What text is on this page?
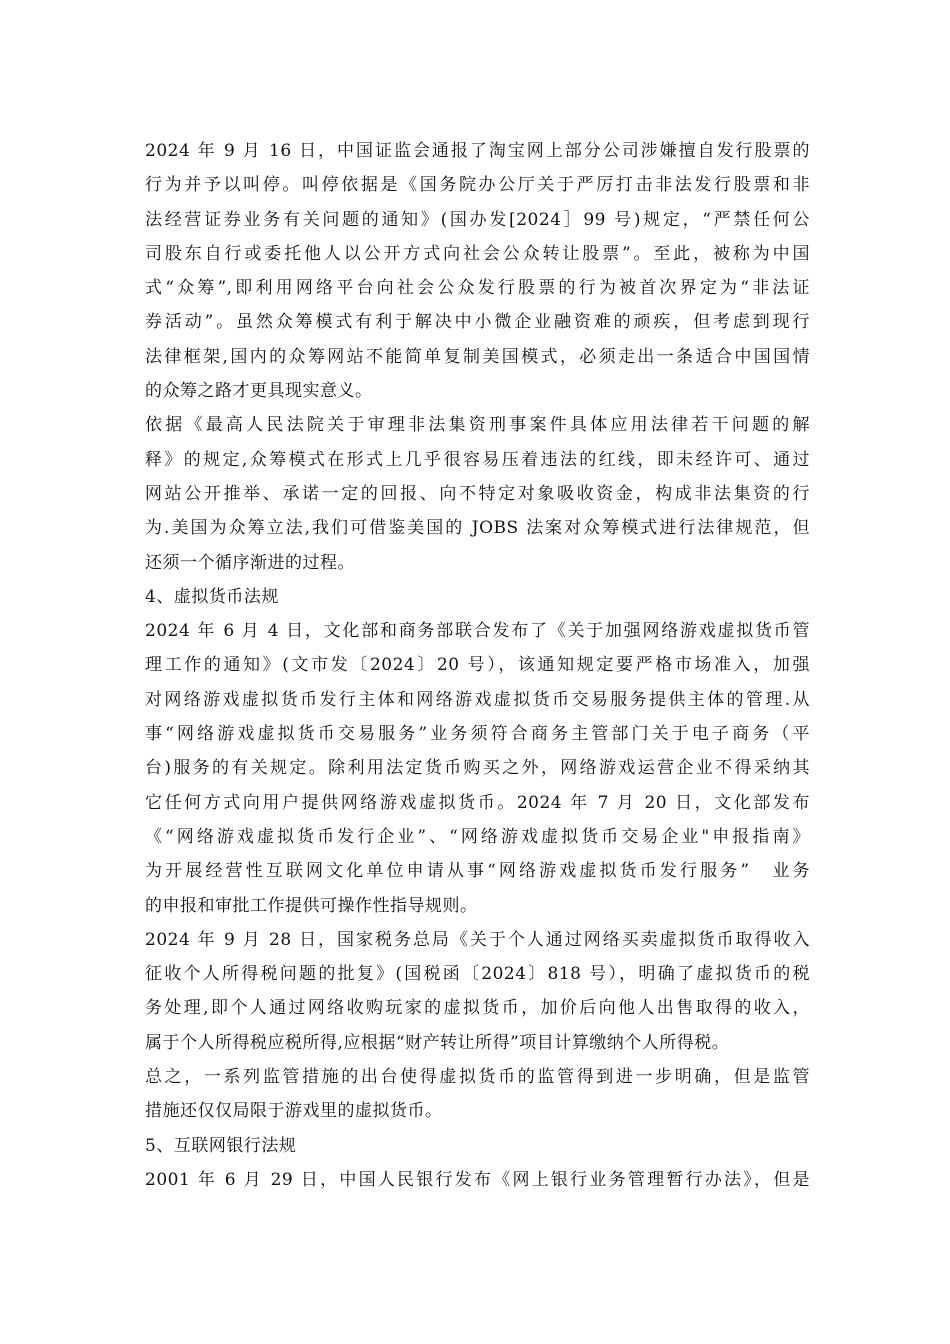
2024 年 9 月 16 日，中国证监会通报了淘宝网上部分公司涉嫌擅自发行股票的
行为并予以叫停。叫停依据是《国务院办公厅关于严厉打击非法发行股票和非
法经营证券业务有关问题的通知》(国办发[2024］99 号)规定，“严禁任何公
司股东自行或委托他人以公开方式向社会公众转让股票”。至此，被称为中国
式“众筹”,即利用网络平台向社会公众发行股票的行为被首次界定为“非法证
券活动”。虽然众筹模式有利于解决中小微企业融资难的顽疾，但考虑到现行
法律框架,国内的众筹网站不能简单复制美国模式，必须走出一条适合中国国情
的众筹之路才更具现实意义。
依据《最高人民法院关于审理非法集资刑事案件具体应用法律若干问题的解
释》的规定,众筹模式在形式上几乎很容易压着违法的红线，即未经许可、通过
网站公开推举、承诺一定的回报、向不特定对象吸收资金，构成非法集资的行
为.美国为众筹立法,我们可借鉴美国的 JOBS 法案对众筹模式进行法律规范，但
还须一个循序渐进的过程。
4、虚拟货币法规
2024 年 6 月 4 日，文化部和商务部联合发布了《关于加强网络游戏虚拟货币管
理工作的通知》(文市发〔2024〕20 号），该通知规定要严格市场准入，加强
对网络游戏虚拟货币发行主体和网络游戏虚拟货币交易服务提供主体的管理.从
事“网络游戏虚拟货币交易服务”业务须符合商务主管部门关于电子商务（平
台)服务的有关规定。除利用法定货币购买之外，网络游戏运营企业不得采纳其
它任何方式向用户提供网络游戏虚拟货币。2024 年 7 月 20 日，文化部发布
《“网络游戏虚拟货币发行企业”、“网络游戏虚拟货币交易企业"申报指南》
为开展经营性互联网文化单位申请从事“网络游戏虚拟货币发行服务”　业务
的申报和审批工作提供可操作性指导规则。
2024 年 9 月 28 日，国家税务总局《关于个人通过网络买卖虚拟货币取得收入
征收个人所得税问题的批复》(国税函〔2024〕818 号），明确了虚拟货币的税
务处理,即个人通过网络收购玩家的虚拟货币，加价后向他人出售取得的收入，
属于个人所得税应税所得,应根据“财产转让所得”项目计算缴纳个人所得税。
总之，一系列监管措施的出台使得虚拟货币的监管得到进一步明确，但是监管
措施还仅仅局限于游戏里的虚拟货币。
5、互联网银行法规
2001 年 6 月 29 日，中国人民银行发布《网上银行业务管理暂行办法》，但是
